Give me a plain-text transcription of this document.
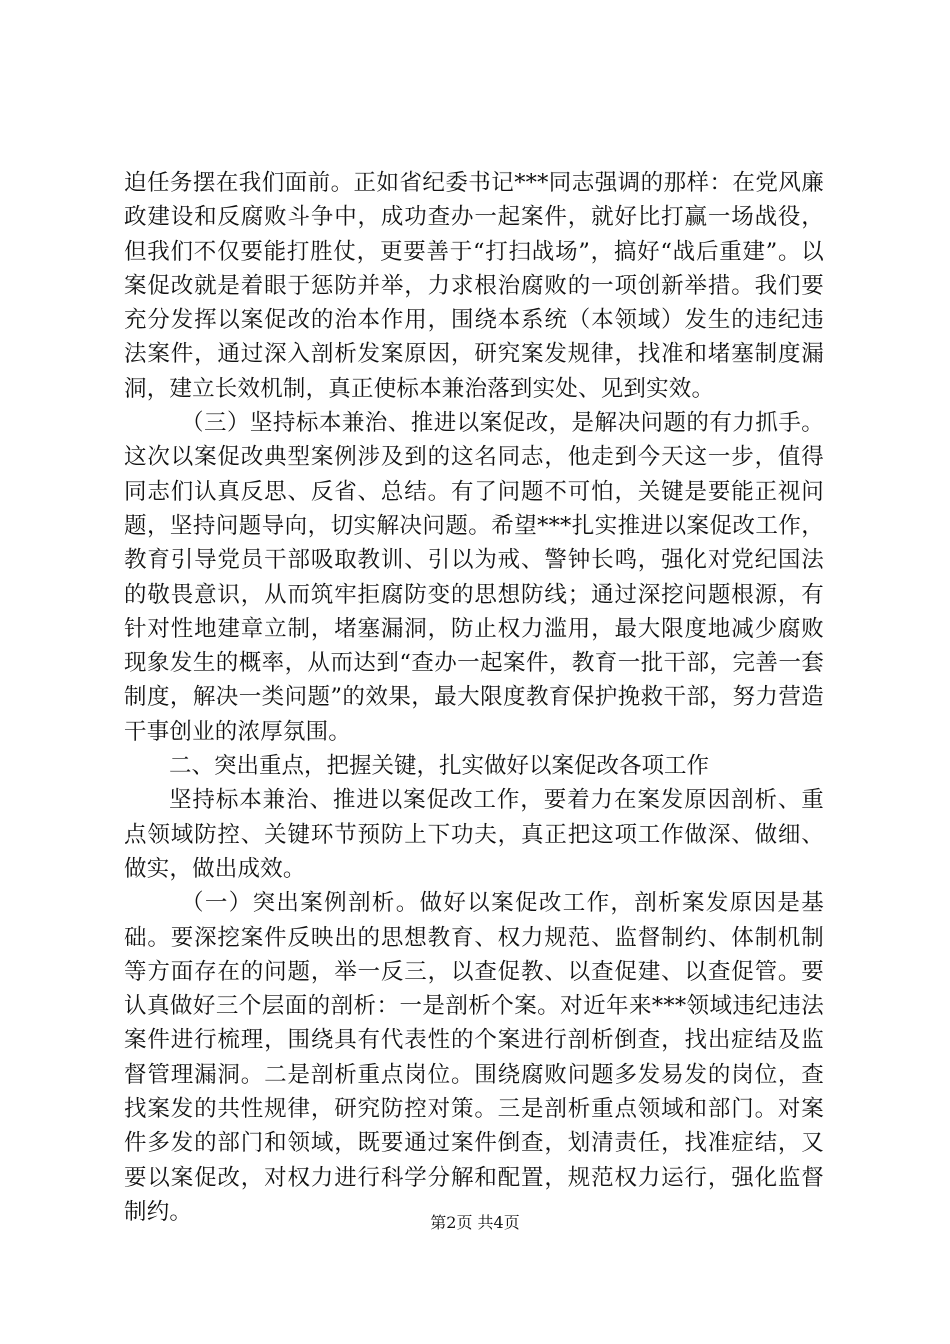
迫任务摆在我们面前。正如省纪委书记***同志强调的那样：在党风廉政建设和反腐败斗争中，成功查办一起案件，就好比打赢一场战役，但我们不仅要能打胜仗，更要善于“打扫战场”，搞好“战后重建”。以案促改就是着眼于惩防并举，力求根治腐败的一项创新举措。我们要充分发挥以案促改的治本作用，围绕本系统（本领域）发生的违纪违法案件，通过深入剖析发案原因，研究案发规律，找准和堵塞制度漏洞，建立长效机制，真正使标本兼治落到实处、见到实效。

（三）坚持标本兼治、推进以案促改，是解决问题的有力抓手。这次以案促改典型案例涉及到的这名同志，他走到今天这一步，值得同志们认真反思、反省、总结。有了问题不可怕，关键是要能正视问题，坚持问题导向，切实解决问题。希望***扎实推进以案促改工作，教育引导党员干部吸取教训、引以为戒、警钟长鸣，强化对党纪国法的敬畏意识，从而筑牢拒腐防变的思想防线；通过深挖问题根源，有针对性地建章立制，堵塞漏洞，防止权力滥用，最大限度地减少腐败现象发生的概率，从而达到“查办一起案件，教育一批干部，完善一套制度，解决一类问题”的效果，最大限度教育保护挽救干部，努力营造干事创业的浓厚氛围。

二、突出重点，把握关键，扎实做好以案促改各项工作

坚持标本兼治、推进以案促改工作，要着力在案发原因剖析、重点领域防控、关键环节预防上下功夫，真正把这项工作做深、做细、做实，做出成效。

（一）突出案例剖析。做好以案促改工作，剖析案发原因是基础。要深挖案件反映出的思想教育、权力规范、监督制约、体制机制等方面存在的问题，举一反三，以查促教、以查促建、以查促管。要认真做好三个层面的剖析：一是剖析个案。对近年来***领域违纪违法案件进行梳理，围绕具有代表性的个案进行剖析倒查，找出症结及监督管理漏洞。二是剖析重点岗位。围绕腐败问题多发易发的岗位，查找案发的共性规律，研究防控对策。三是剖析重点领域和部门。对案件多发的部门和领域，既要通过案件倒查，划清责任，找准症结，又要以案促改，对权力进行科学分解和配置，规范权力运行，强化监督制约。	第2页 共4页
